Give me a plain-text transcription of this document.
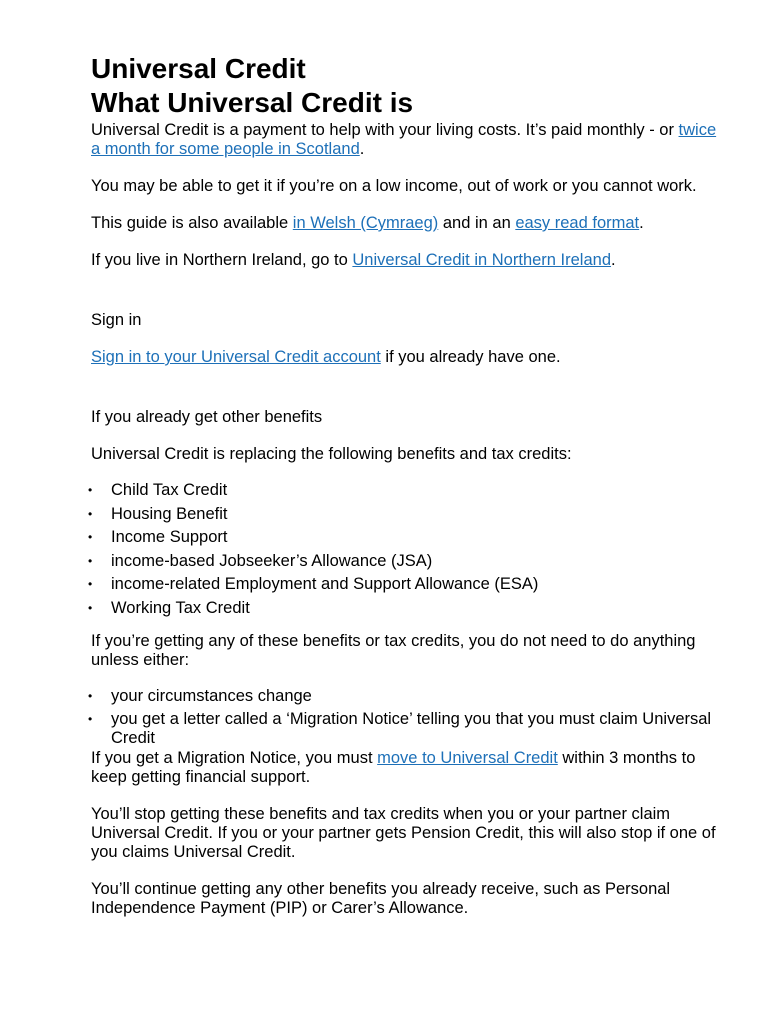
Universal Credit
What Universal Credit is

Universal Credit is a payment to help with your living costs. It’s paid monthly - or twice a month for some people in Scotland.

You may be able to get it if you’re on a low income, out of work or you cannot work.

This guide is also available in Welsh (Cymraeg) and in an easy read format.

If you live in Northern Ireland, go to Universal Credit in Northern Ireland.

Sign in

Sign in to your Universal Credit account if you already have one.

If you already get other benefits

Universal Credit is replacing the following benefits and tax credits:

• Child Tax Credit
• Housing Benefit
• Income Support
• income-based Jobseeker’s Allowance (JSA)
• income-related Employment and Support Allowance (ESA)
• Working Tax Credit

If you’re getting any of these benefits or tax credits, you do not need to do anything unless either:

• your circumstances change
• you get a letter called a ‘Migration Notice’ telling you that you must claim Universal Credit

If you get a Migration Notice, you must move to Universal Credit within 3 months to keep getting financial support.

You’ll stop getting these benefits and tax credits when you or your partner claim Universal Credit. If you or your partner gets Pension Credit, this will also stop if one of you claims Universal Credit.

You’ll continue getting any other benefits you already receive, such as Personal Independence Payment (PIP) or Carer’s Allowance.
